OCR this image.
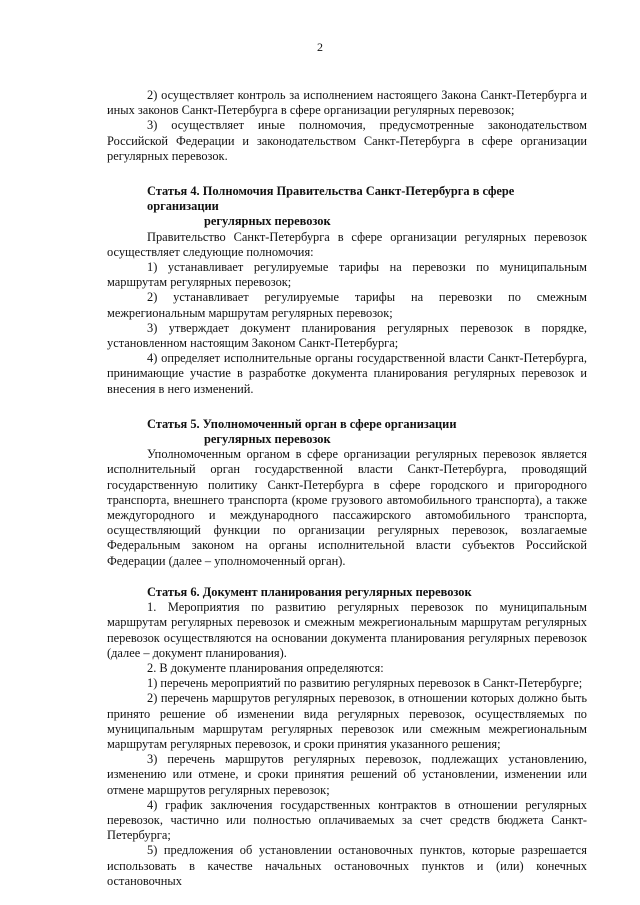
2

2) осуществляет контроль за исполнением настоящего Закона Санкт-Петербурга и иных законов Санкт-Петербурга в сфере организации регулярных перевозок;

3) осуществляет иные полномочия, предусмотренные законодательством Российской Федерации и законодательством Санкт-Петербурга в сфере организации регулярных перевозок.

Статья 4. Полномочия Правительства Санкт-Петербурга в сфере организации
регулярных перевозок

Правительство Санкт-Петербурга в сфере организации регулярных перевозок осуществляет следующие полномочия:

1) устанавливает регулируемые тарифы на перевозки по муниципальным маршрутам регулярных перевозок;

2) устанавливает регулируемые тарифы на перевозки по смежным межрегиональным маршрутам регулярных перевозок;

3) утверждает документ планирования регулярных перевозок в порядке, установленном настоящим Законом Санкт-Петербурга;

4) определяет исполнительные органы государственной власти Санкт-Петербурга, принимающие участие в разработке документа планирования регулярных перевозок и внесения в него изменений.

Статья 5. Уполномоченный орган в сфере организации
регулярных перевозок

Уполномоченным органом в сфере организации регулярных перевозок является исполнительный орган государственной власти Санкт-Петербурга, проводящий государственную политику Санкт-Петербурга в сфере городского и пригородного транспорта, внешнего транспорта (кроме грузового автомобильного транспорта), а также междугородного и международного пассажирского автомобильного транспорта, осуществляющий функции по организации регулярных перевозок, возлагаемые Федеральным законом на органы исполнительной власти субъектов Российской Федерации (далее – уполномоченный орган).

Статья 6. Документ планирования регулярных перевозок

1. Мероприятия по развитию регулярных перевозок по муниципальным маршрутам регулярных перевозок и смежным межрегиональным маршрутам регулярных перевозок осуществляются на основании документа планирования регулярных перевозок (далее – документ планирования).

2. В документе планирования определяются:

1) перечень мероприятий по развитию регулярных перевозок в Санкт-Петербурге;

2) перечень маршрутов регулярных перевозок, в отношении которых должно быть принято решение об изменении вида регулярных перевозок, осуществляемых по муниципальным маршрутам регулярных перевозок или смежным межрегиональным маршрутам регулярных перевозок, и сроки принятия указанного решения;

3) перечень маршрутов регулярных перевозок, подлежащих установлению, изменению или отмене, и сроки принятия решений об установлении, изменении или отмене маршрутов регулярных перевозок;

4) график заключения государственных контрактов в отношении регулярных перевозок, частично или полностью оплачиваемых за счет средств бюджета Санкт-Петербурга;

5) предложения об установлении остановочных пунктов, которые разрешается использовать в качестве начальных остановочных пунктов и (или) конечных остановочных
